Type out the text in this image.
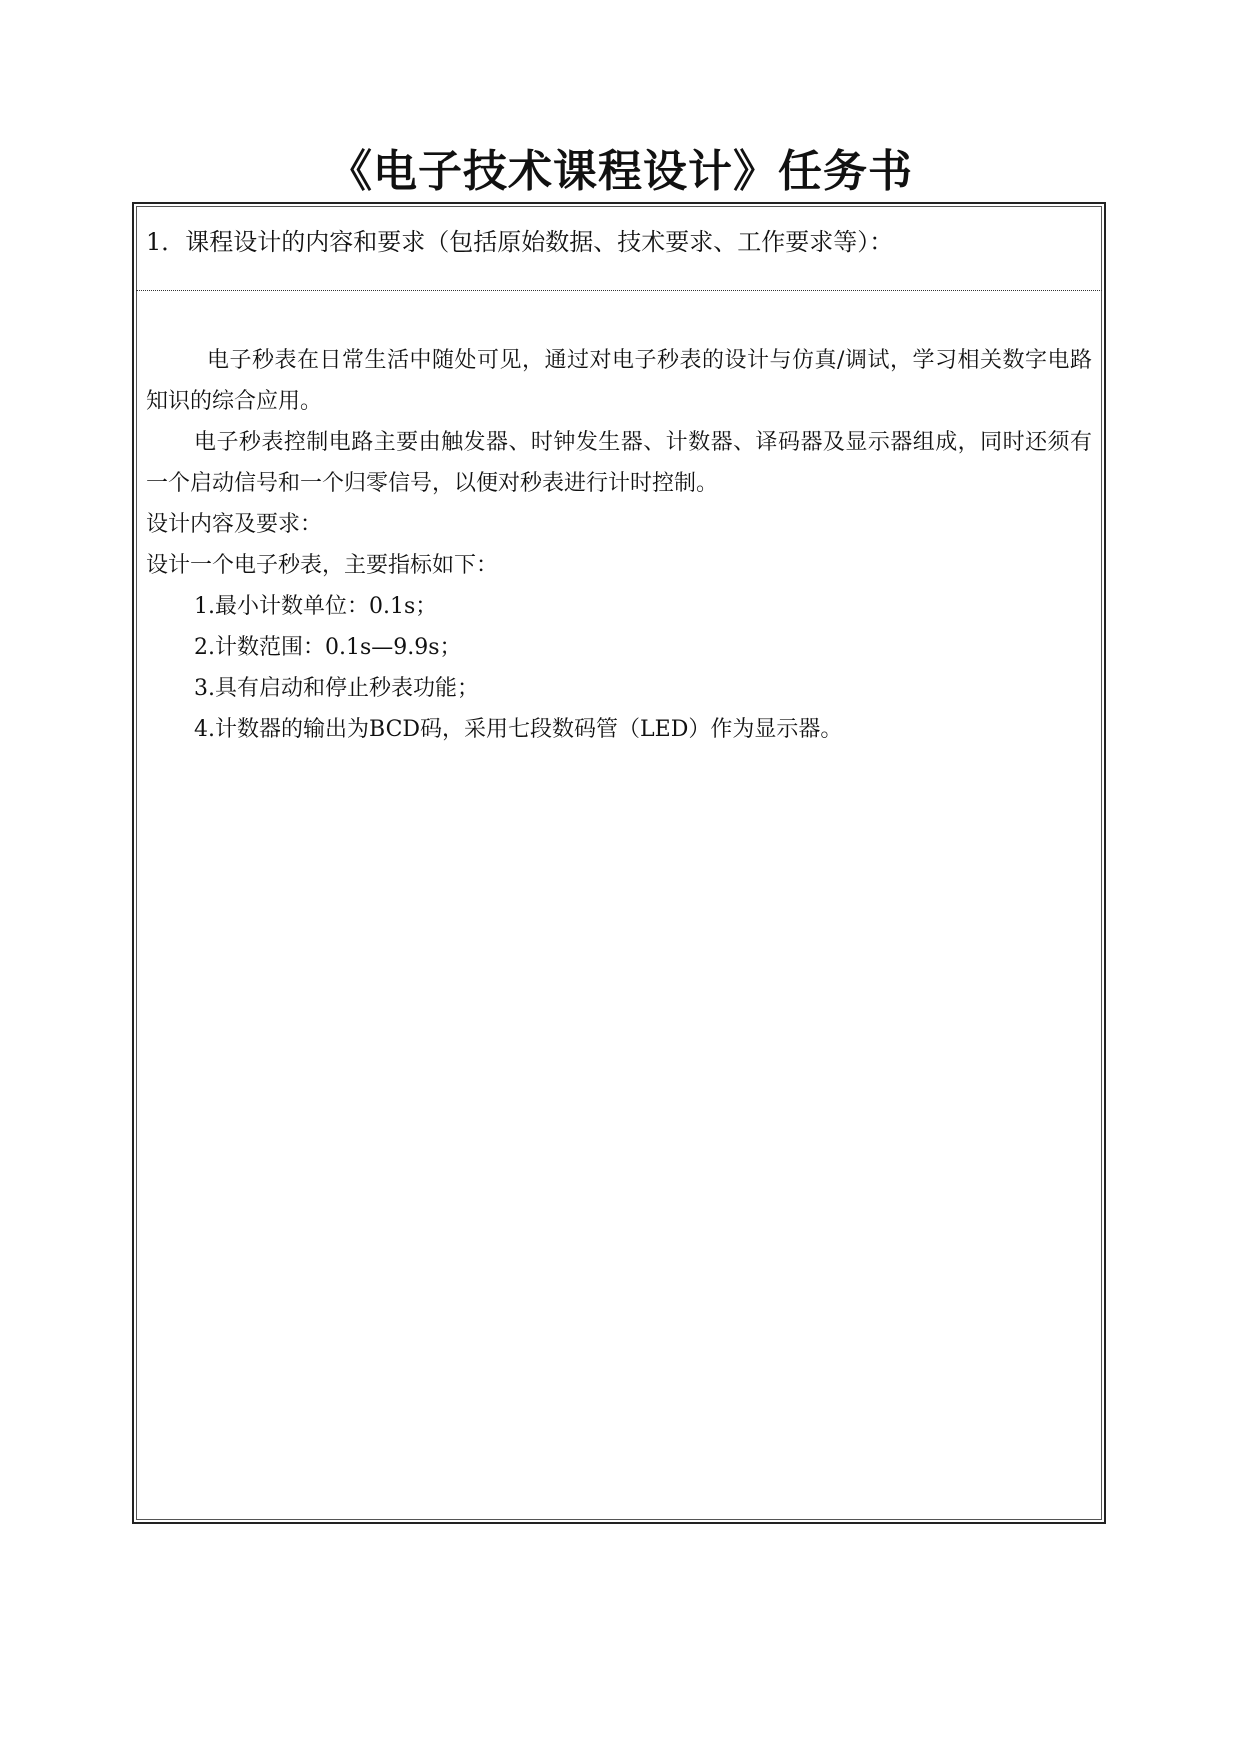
《电子技术课程设计》任务书
1．课程设计的内容和要求（包括原始数据、技术要求、工作要求等）：

电子秒表在日常生活中随处可见，通过对电子秒表的设计与仿真/调试，学习相关数字电路知识的综合应用。

电子秒表控制电路主要由触发器、时钟发生器、计数器、译码器及显示器组成，同时还须有一个启动信号和一个归零信号，以便对秒表进行计时控制。

设计内容及要求：

设计一个电子秒表，主要指标如下：

1.最小计数单位：0.1s；

2.计数范围：0.1s—9.9s；

3.具有启动和停止秒表功能；

4.计数器的输出为BCD码，采用七段数码管（LED）作为显示器。
